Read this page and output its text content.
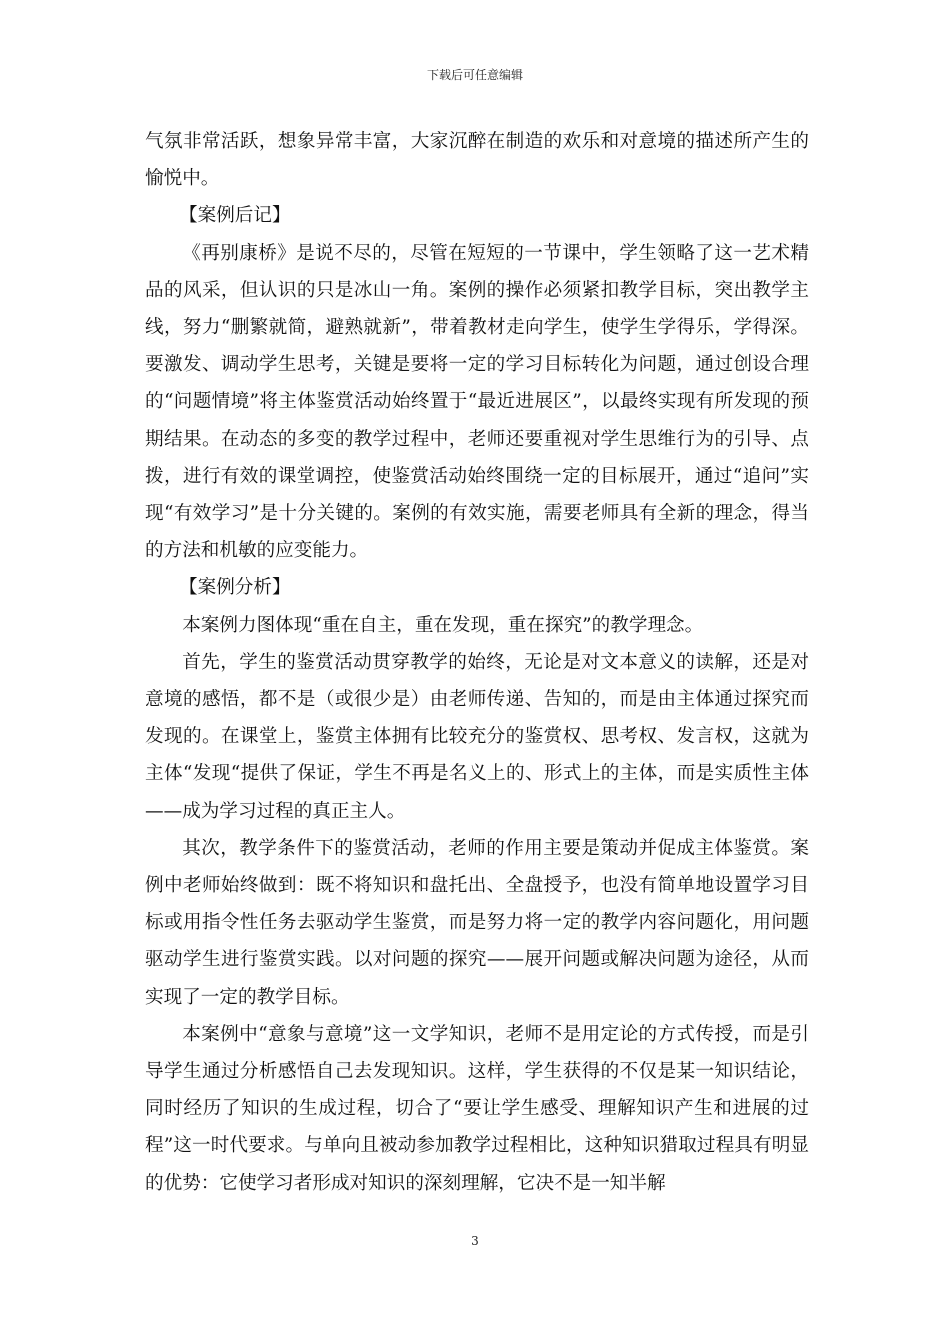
下载后可任意编辑

气氛非常活跃，想象异常丰富，大家沉醉在制造的欢乐和对意境的描述所产生的愉悦中。

【案例后记】

《再别康桥》是说不尽的，尽管在短短的一节课中，学生领略了这一艺术精品的风采，但认识的只是冰山一角。案例的操作必须紧扣教学目标，突出教学主线，努力“删繁就简，避熟就新”，带着教材走向学生，使学生学得乐，学得深。要激发、调动学生思考，关键是要将一定的学习目标转化为问题，通过创设合理的“问题情境”将主体鉴赏活动始终置于“最近进展区”，以最终实现有所发现的预期结果。在动态的多变的教学过程中，老师还要重视对学生思维行为的引导、点拨，进行有效的课堂调控，使鉴赏活动始终围绕一定的目标展开，通过“追问”实现“有效学习”是十分关键的。案例的有效实施，需要老师具有全新的理念，得当的方法和机敏的应变能力。

【案例分析】

本案例力图体现“重在自主，重在发现，重在探究”的教学理念。

首先，学生的鉴赏活动贯穿教学的始终，无论是对文本意义的读解，还是对意境的感悟，都不是（或很少是）由老师传递、告知的，而是由主体通过探究而发现的。在课堂上，鉴赏主体拥有比较充分的鉴赏权、思考权、发言权，这就为主体“发现“提供了保证，学生不再是名义上的、形式上的主体，而是实质性主体——成为学习过程的真正主人。

其次，教学条件下的鉴赏活动，老师的作用主要是策动并促成主体鉴赏。案例中老师始终做到：既不将知识和盘托出、全盘授予，也没有简单地设置学习目标或用指令性任务去驱动学生鉴赏，而是努力将一定的教学内容问题化，用问题驱动学生进行鉴赏实践。以对问题的探究——展开问题或解决问题为途径，从而实现了一定的教学目标。

本案例中“意象与意境”这一文学知识，老师不是用定论的方式传授，而是引导学生通过分析感悟自己去发现知识。这样，学生获得的不仅是某一知识结论，同时经历了知识的生成过程，切合了“要让学生感受、理解知识产生和进展的过程”这一时代要求。与单向且被动参加教学过程相比，这种知识猎取过程具有明显的优势：它使学习者形成对知识的深刻理解，它决不是一知半解

3
